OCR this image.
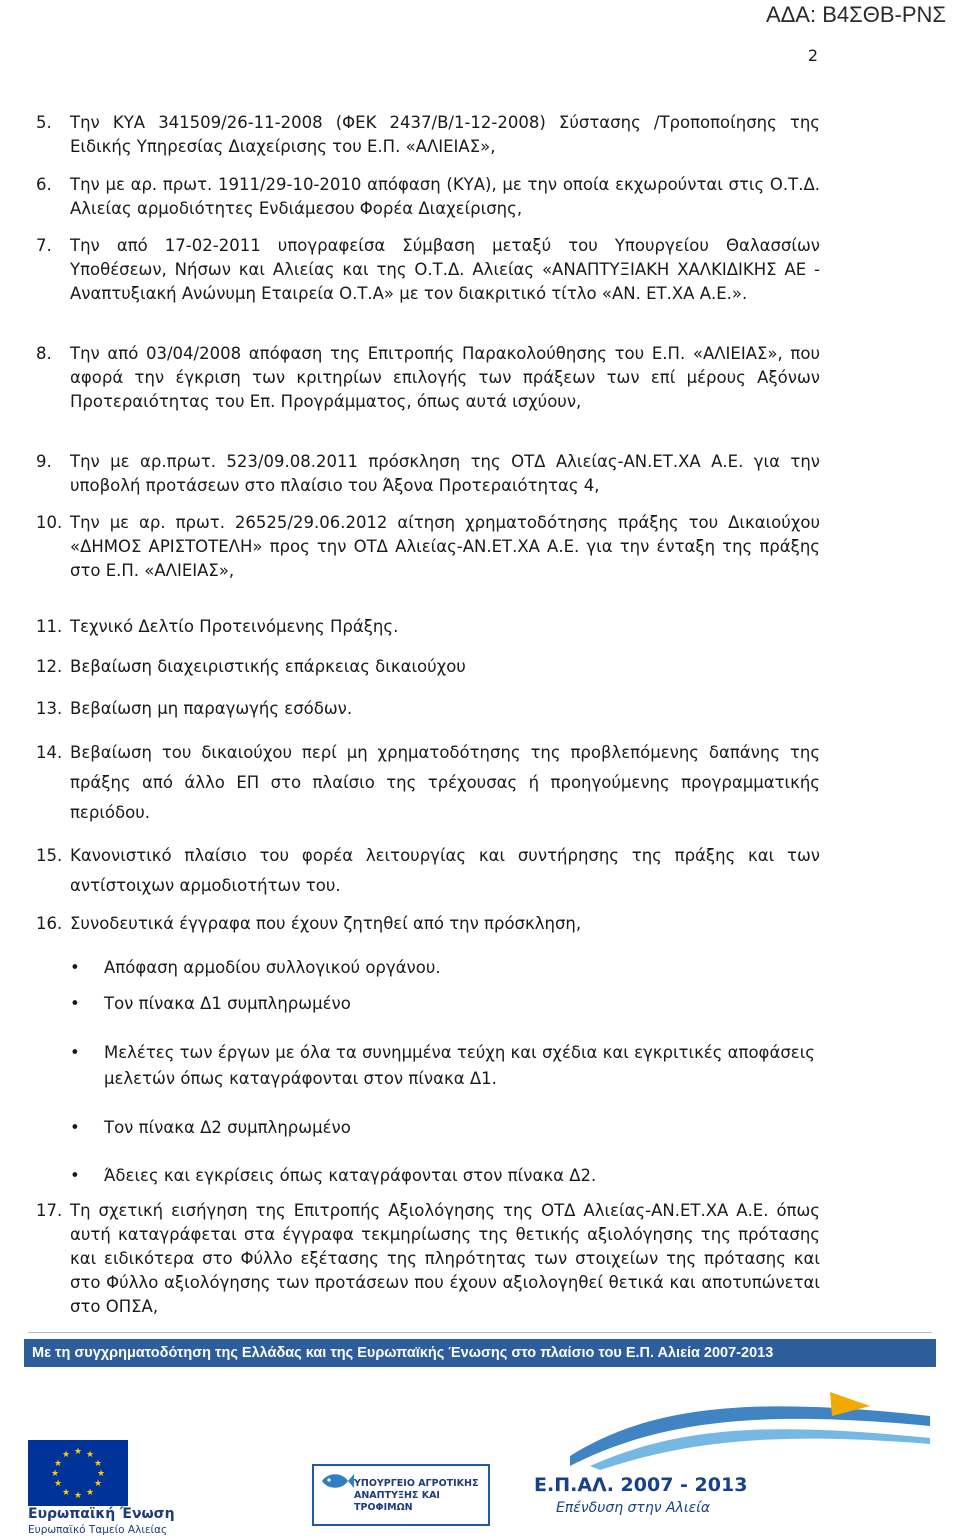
ΑΔΑ: Β4ΣΘΒ-ΡΝΣ
2
5.	Την ΚΥΑ 341509/26-11-2008 (ΦΕΚ 2437/Β/1-12-2008) Σύστασης /Τροποποίησης της Ειδικής Υπηρεσίας Διαχείρισης του Ε.Π. «ΑΛΙΕΙΑΣ»,
6.	Την με αρ. πρωτ. 1911/29-10-2010 απόφαση (ΚΥΑ), με την οποία εκχωρούνται στις Ο.Τ.Δ. Αλιείας αρμοδιότητες Ενδιάμεσου Φορέα Διαχείρισης,
7.	Την από 17-02-2011 υπογραφείσα Σύμβαση μεταξύ του Υπουργείου Θαλασσίων Υποθέσεων, Νήσων και Αλιείας και της Ο.Τ.Δ. Αλιείας «ΑΝΑΠΤΥΞΙΑΚΗ ΧΑΛΚΙΔΙΚΗΣ ΑΕ - Αναπτυξιακή Ανώνυμη Εταιρεία Ο.Τ.Α» με τον διακριτικό τίτλο «ΑΝ. ΕΤ.ΧΑ Α.Ε.».
8.	Την από 03/04/2008 απόφαση της Επιτροπής Παρακολούθησης του Ε.Π. «ΑΛΙΕΙΑΣ», που αφορά την έγκριση των κριτηρίων επιλογής των πράξεων των επί μέρους Αξόνων Προτεραιότητας του Επ. Προγράμματος, όπως αυτά ισχύουν,
9.	Την με αρ.πρωτ. 523/09.08.2011 πρόσκληση της ΟΤΔ Αλιείας-ΑΝ.ΕΤ.ΧΑ Α.Ε. για την υποβολή προτάσεων στο πλαίσιο του Άξονα Προτεραιότητας 4,
10. Την με αρ. πρωτ. 26525/29.06.2012 αίτηση χρηματοδότησης πράξης του Δικαιούχου «ΔΗΜΟΣ ΑΡΙΣΤΟΤΕΛΗ» προς την ΟΤΔ Αλιείας-ΑΝ.ΕΤ.ΧΑ Α.Ε. για την ένταξη της πράξης στο Ε.Π. «ΑΛΙΕΙΑΣ»,
11. Τεχνικό Δελτίο Προτεινόμενης Πράξης.
12. Βεβαίωση διαχειριστικής επάρκειας δικαιούχου
13. Βεβαίωση μη παραγωγής εσόδων.
14. Βεβαίωση του δικαιούχου περί μη χρηματοδότησης της προβλεπόμενης δαπάνης της πράξης από άλλο ΕΠ στο πλαίσιο της τρέχουσας ή προηγούμενης προγραμματικής περιόδου.
15. Κανονιστικό πλαίσιο του φορέα λειτουργίας και συντήρησης της πράξης και των αντίστοιχων αρμοδιοτήτων του.
16. Συνοδευτικά έγγραφα που έχουν ζητηθεί από την πρόσκληση,
• Απόφαση αρμοδίου συλλογικού οργάνου.
• Τον πίνακα Δ1 συμπληρωμένο
• Μελέτες των έργων με όλα τα συνημμένα τεύχη και σχέδια και εγκριτικές αποφάσεις μελετών όπως καταγράφονται στον πίνακα Δ1.
• Τον πίνακα Δ2 συμπληρωμένο
• Άδειες και εγκρίσεις όπως καταγράφονται στον πίνακα Δ2.
17. Τη σχετική εισήγηση της Επιτροπής Αξιολόγησης της ΟΤΔ Αλιείας-ΑΝ.ΕΤ.ΧΑ Α.Ε. όπως αυτή καταγράφεται στα έγγραφα τεκμηρίωσης της θετικής αξιολόγησης της πρότασης και ειδικότερα στο Φύλλο εξέτασης της πληρότητας των στοιχείων της πρότασης και στο Φύλλο αξιολόγησης των προτάσεων που έχουν αξιολογηθεί θετικά και αποτυπώνεται στο ΟΠΣΑ,
Με τη συγχρηματοδότηση της Ελλάδας και της Ευρωπαϊκής Ένωσης στο πλαίσιο του Ε.Π. Αλιεία 2007-2013
★ ★
★
★
★
★
★
★
★
★
★
★
Ευρωπαϊκή Ένωση
Ευρωπαϊκό Ταμείο Αλιείας
ΥΠΟΥΡΓΕΙΟ ΑΓΡΟΤΙΚΗΣ ΑΝΑΠΤΥΞΗΣ ΚΑΙ ΤΡΟΦΙΜΩΝ
Ε.Π.ΑΛ. 2007 - 2013
Επένδυση στην Αλιεία
